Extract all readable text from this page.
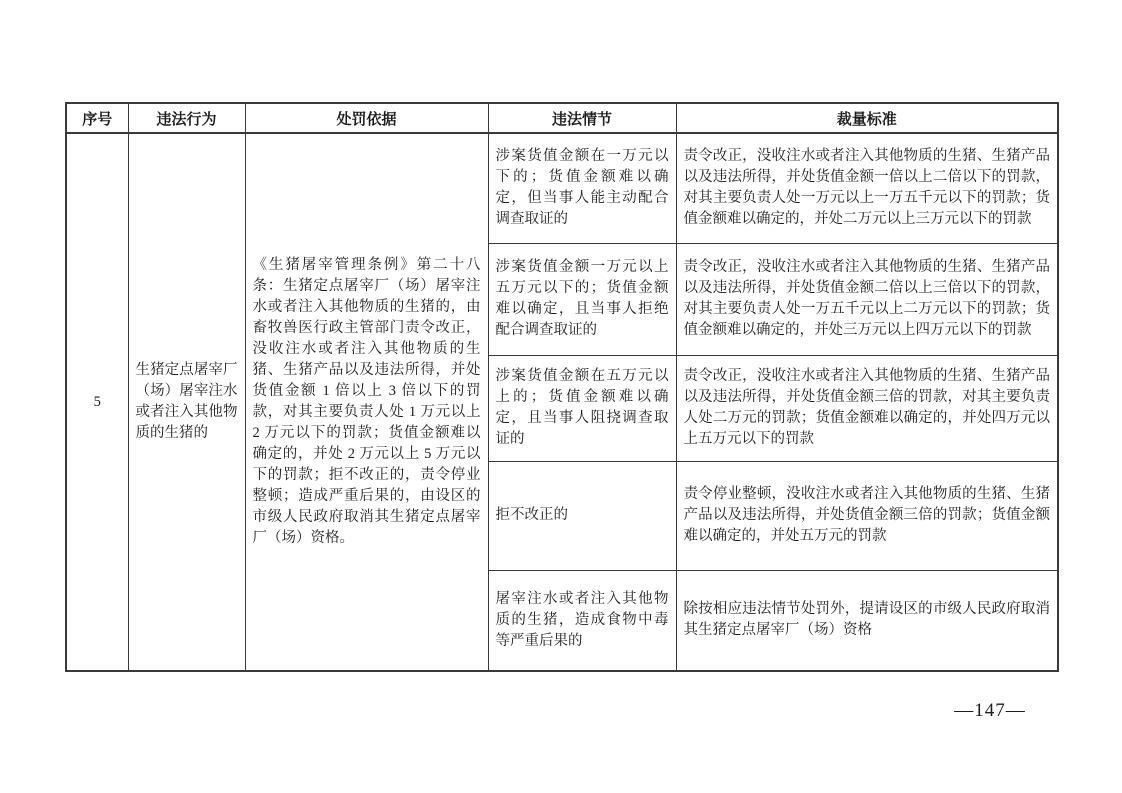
序号	违法行为	处罚依据	违法情节	裁量标准
5	生猪定点屠宰厂（场）屠宰注水或者注入其他物质的生猪的	《生猪屠宰管理条例》第二十八条：生猪定点屠宰厂（场）屠宰注水或者注入其他物质的生猪的，由畜牧兽医行政主管部门责令改正，没收注水或者注入其他物质的生猪、生猪产品以及违法所得，并处货值金额 1 倍以上 3 倍以下的罚款，对其主要负责人处 1 万元以上 2 万元以下的罚款；货值金额难以确定的，并处 2 万元以上 5 万元以下的罚款；拒不改正的，责令停业整顿；造成严重后果的，由设区的市级人民政府取消其生猪定点屠宰厂（场）资格。	涉案货值金额在一万元以下的；货值金额难以确定，但当事人能主动配合调查取证的	责令改正，没收注水或者注入其他物质的生猪、生猪产品以及违法所得，并处货值金额一倍以上二倍以下的罚款，对其主要负责人处一万元以上一万五千元以下的罚款；货值金额难以确定的，并处二万元以上三万元以下的罚款
			涉案货值金额一万元以上五万元以下的；货值金额难以确定，且当事人拒绝配合调查取证的	责令改正，没收注水或者注入其他物质的生猪、生猪产品以及违法所得，并处货值金额二倍以上三倍以下的罚款，对其主要负责人处一万五千元以上二万元以下的罚款；货值金额难以确定的，并处三万元以上四万元以下的罚款
			涉案货值金额在五万元以上的；货值金额难以确定，且当事人阻挠调查取证的	责令改正，没收注水或者注入其他物质的生猪、生猪产品以及违法所得，并处货值金额三倍的罚款，对其主要负责人处二万元的罚款；货值金额难以确定的，并处四万元以上五万元以下的罚款
			拒不改正的	责令停业整顿，没收注水或者注入其他物质的生猪、生猪产品以及违法所得，并处货值金额三倍的罚款；货值金额难以确定的，并处五万元的罚款
			屠宰注水或者注入其他物质的生猪，造成食物中毒等严重后果的	除按相应违法情节处罚外，提请设区的市级人民政府取消其生猪定点屠宰厂（场）资格
—147—
